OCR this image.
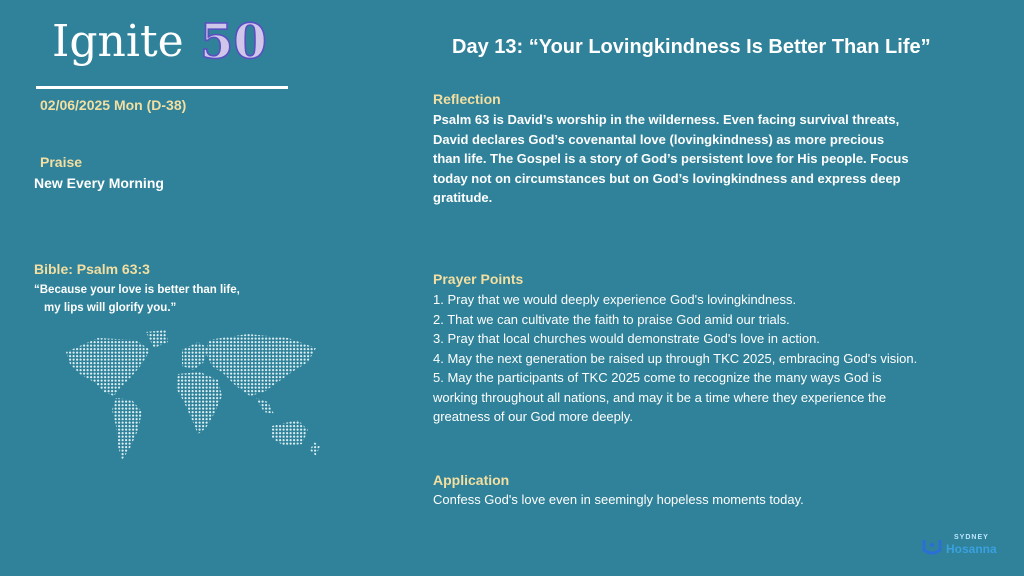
Ignite 50
02/06/2025 Mon (D-38)
Praise
New Every Morning
Bible: Psalm 63:3
“Because your love is better than life,
my lips will glorify you.”
Day 13: “Your Lovingkindness Is Better Than Life”
Reflection
Psalm 63 is David’s worship in the wilderness. Even facing survival threats,
David declares God’s covenantal love (lovingkindness) as more precious
than life. The Gospel is a story of God’s persistent love for His people. Focus
today not on circumstances but on God’s lovingkindness and express deep
gratitude.
Prayer Points
1. Pray that we would deeply experience God's lovingkindness.
2. That we can cultivate the faith to praise God amid our trials.
3. Pray that local churches would demonstrate God's love in action.
4. May the next generation be raised up through TKC 2025, embracing God's vision.
5. May the participants of TKC 2025 come to recognize the many ways God is
working throughout all nations, and may it be a time where they experience the
greatness of our God more deeply.
Application
Confess God's love even in seemingly hopeless moments today.
SYDNEY
Hosanna
